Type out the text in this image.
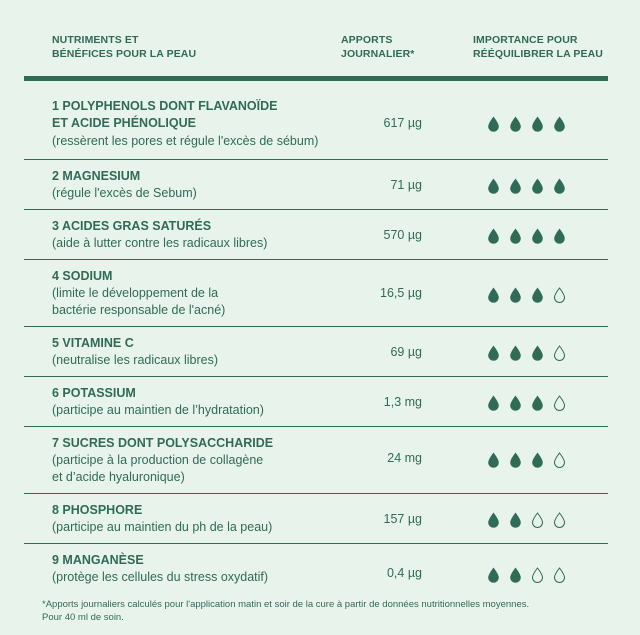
NUTRIMENTS ET
BÉNÉFICES POUR LA PEAU
APPORTS
JOURNALIER*
IMPORTANCE POUR
RÉÉQUILIBRER LA PEAU
1 POLYPHENOLS DONT FLAVANOÏDE
ET ACIDE PHÉNOLIQUE
(ressèrent les pores et régule l'excès de sébum)
617 µg
2 MAGNESIUM
(régule l'excès de Sebum)
71 µg
3 ACIDES GRAS SATURÉS
(aide à lutter contre les radicaux libres)
570 µg
4 SODIUM
(limite le développement de la
bactérie responsable de l'acné)
16,5 µg
5 VITAMINE C
(neutralise les radicaux libres)
69 µg
6 POTASSIUM
(participe au maintien de l’hydratation)
1,3 mg
7 SUCRES DONT POLYSACCHARIDE
(participe à la production de collagène
et d’acide hyaluronique)
24 mg
8 PHOSPHORE
(participe au maintien du ph de la peau)
157 µg
9 MANGANÈSE
(protège les cellules du stress oxydatif)	0,4 µg
*Apports journaliers calculés pour l'application matin et soir de la cure à partir de données nutritionnelles moyennes.
Pour 40 ml de soin.
